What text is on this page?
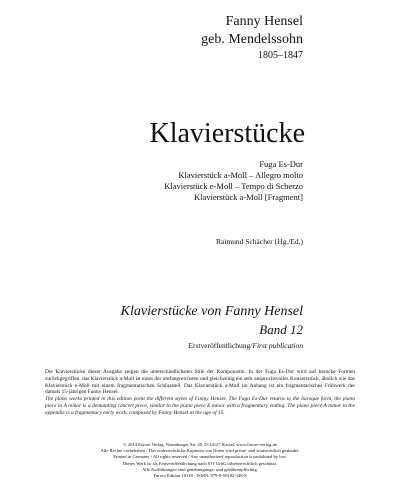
Fanny Hensel
geb. Mendelssohn
1805–1847
Klavierstücke
Fuga Es-Dur
Klavierstück a-Moll – Allegro molto
Klavierstück e-Moll – Tempo di Scherzo
Klavierstück a-Moll [Fragment]
Raimund Schächer (Hg./Ed.)
Klavierstücke von Fanny Hensel
Band 12
Erstveröffentlichung/First publication

Die Klavierstücke dieser Ausgabe zeigen die unterschiedlichsten Stile der Komponistin. In der Fuga Es-Dur wird auf barocke Formen zurückgegriffen, das Klavierstück a-Moll ist eines der umfangreichsten und gleichzeitig ein sehr anspruchsvolles Konzertstück, ähnlich wie das Klavierstück e-Moll mit einem fragmentarischen Schlussteil. Das Klavierstück a-Moll im Anhang ist ein fragmentarisches Frühwerk der damals 15-jährigen Fanny Hensel.

The piano works printed in this edition point the different styles of Fanny Hensel. The Fuga Es-Dur returns to the baroque form, the piano piece in A minor is a demanding concert piece, similar to the piano piece E minor with a fragmentary ending. The piano piece A minor in the appendix is a fragmentary early work, composed by Fanny Hensel at the age of 15.

© 2014 Furore Verlag, Naumburger Str. 40, D-34127 Kassel, www.furore-verlag.de
Alle Rechte vorbehalten / Das widerrechtliche Kopieren von Noten wird privat- und strafrechtlich geahndet.
Printed in Germany / All rights reserved / Any unauthorized reproduction is prohibited by law.
Dieses Werk ist als Erstveröffentlichung nach §71 UrhG urheberrechtlich geschützt.
Alle Aufführungen sind genehmigungs- und gebührenpflichtig.
Furore Edition 10118 · ISMN: 979-0-50182-148-8
